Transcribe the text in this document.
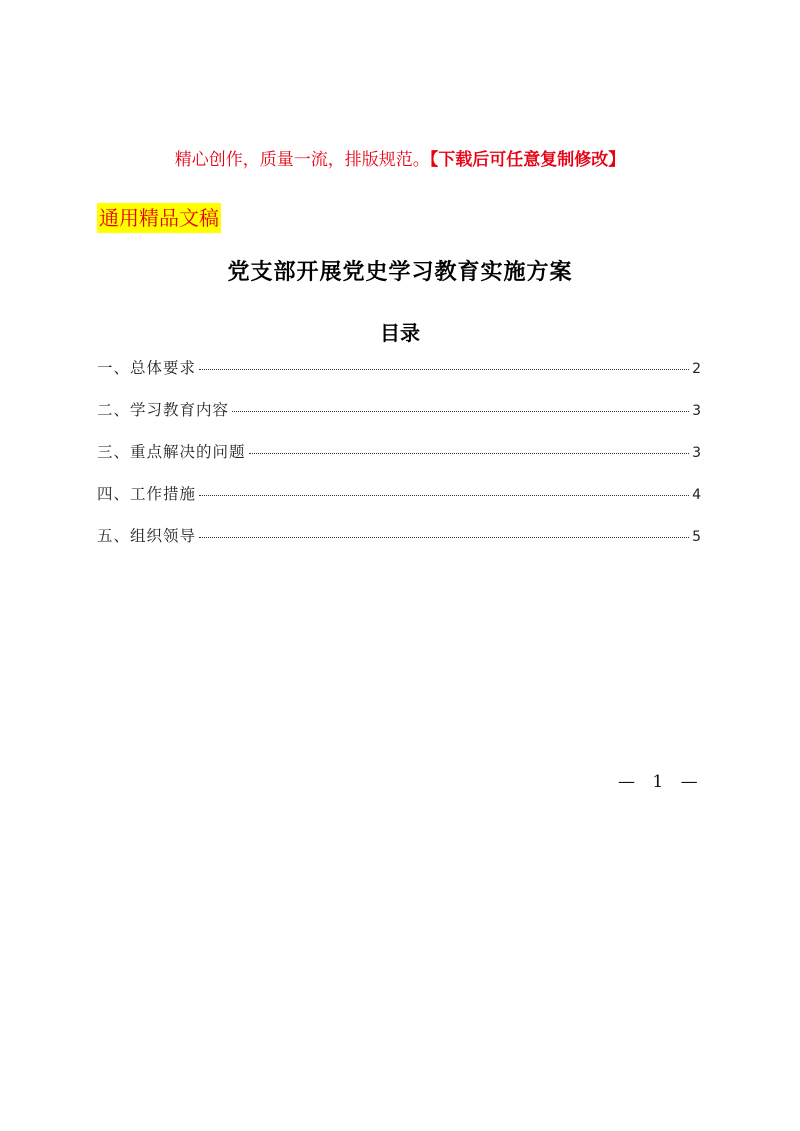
精心创作，质量一流，排版规范。【下载后可任意复制修改】
通用精品文稿
党支部开展党史学习教育实施方案
目录
一、总体要求	2
二、学习教育内容	3
三、重点解决的问题	3
四、工作措施	4
五、组织领导	5
— 1 —
